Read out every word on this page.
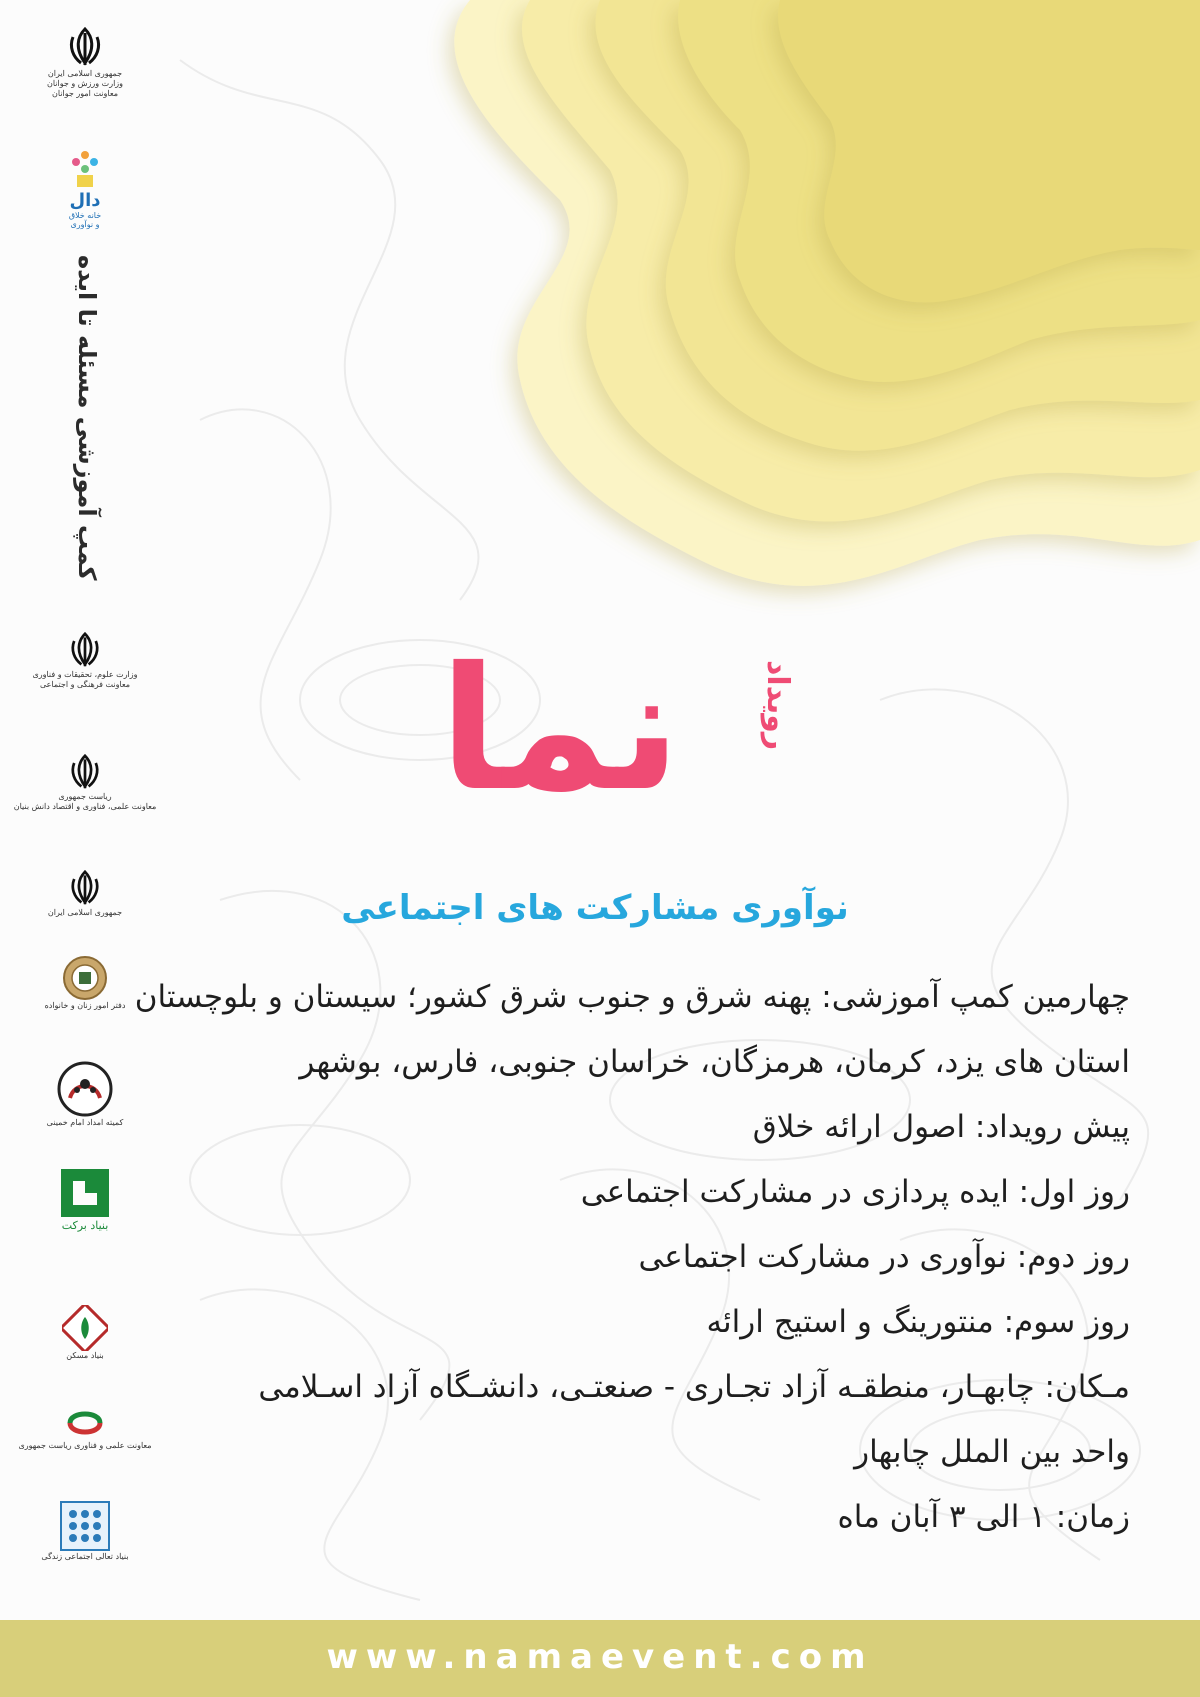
جمهوری اسلامی ایران
وزارت ورزش و جوانان
معاونت امور جوانان
دال
خانه خلاق
و نوآوری
وزارت علوم، تحقیقات و فناوری
معاونت فرهنگی و اجتماعی
ریاست جمهوری
معاونت علمی، فناوری و اقتصاد دانش بنیان
جمهوری اسلامی ایران
دفتر امور زنان و خانواده
کمیته امداد امام خمینی
بنیاد برکت
بنیاد مسکن
معاونت علمی و فناوری ریاست جمهوری
بنیاد تعالی اجتماعی زندگی
کمپ آموزشی مسئله تا ایده
نما	رویداد
نوآوری مشارکت های اجتماعی
چهارمین کمپ آموزشی: پهنه شرق و جنوب شرق کشور؛ سیستان و بلوچستان
استان های یزد، کرمان، هرمزگان، خراسان جنوبی، فارس، بوشهر
پیش رویداد: اصول ارائه خلاق
روز اول: ایده پردازی در مشارکت اجتماعی
روز دوم: نوآوری در مشارکت اجتماعی
روز سوم: منتورینگ و استیج ارائه
مـکان: چابهـار، منطقـه آزاد تجـاری - صنعتـی، دانشـگاه آزاد اسـلامی
واحد بین الملل چابهار
زمان: ۱ الی ۳ آبان ماه
www.namaevent.com
